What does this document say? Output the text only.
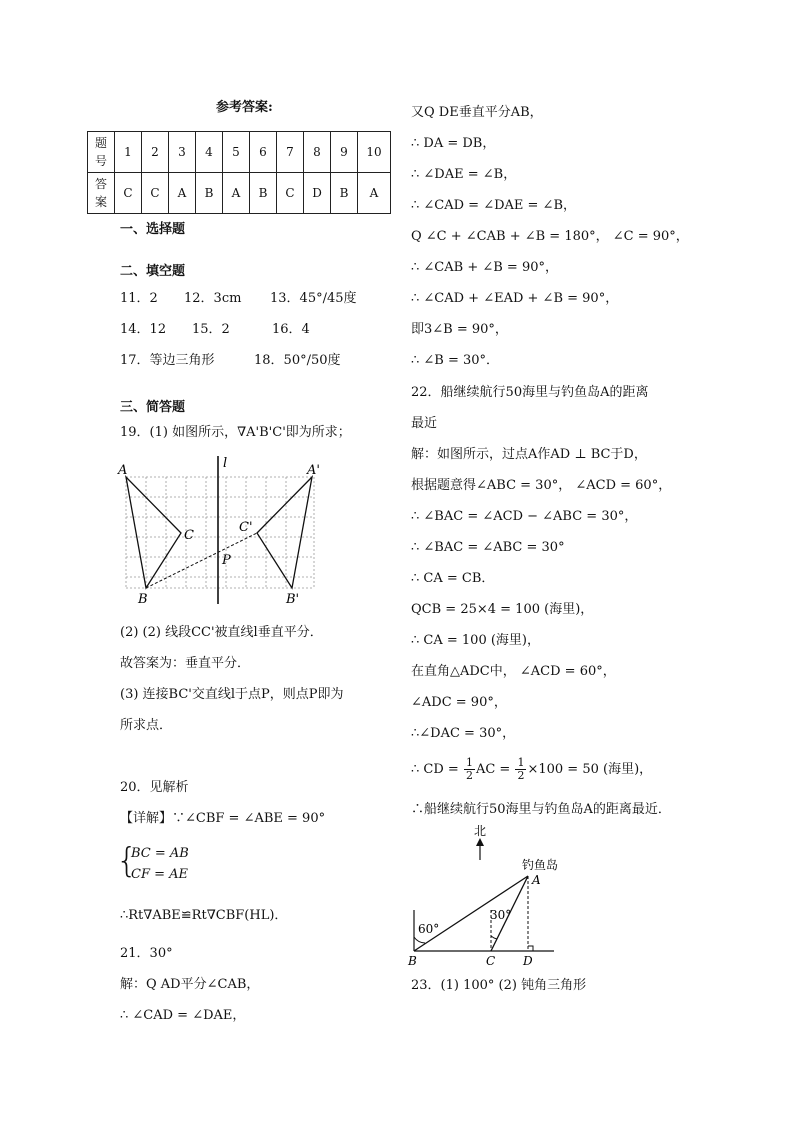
参考答案:
题
号	1	2	3	4	5	6	7	8	9	10
答
案	C	C	A	B	A	B	C	D	B	A
一、选择题
二、填空题
11．2 12．3cm 13．45°/45度
14．12 15．2	16．4
17．等边三角形	18．50°/50度
三、简答题
19．(1) 如图所示，∇A'B'C'即为所求；
A
C
B
l	A'
C'
B'
P
(2) (2) 线段CC'被直线l垂直平分．
故答案为：垂直平分．
(3) 连接BC'交直线l于点P，则点P即为
所求点．
20．见解析
【详解】∵∠CBF = ∠ABE = 90°
{
BC = AB
CF = AE
∴Rt∇ABE≌Rt∇CBF(HL)．
21．30°
解：Q AD平分∠CAB，
∴ ∠CAD = ∠DAE，
又Q DE垂直平分AB，
∴ DA = DB，
∴ ∠DAE = ∠B，
∴ ∠CAD = ∠DAE = ∠B，
Q ∠C + ∠CAB + ∠B = 180°， ∠C = 90°，
∴ ∠CAB + ∠B = 90°，
∴ ∠CAD + ∠EAD + ∠B = 90°，
即3∠B = 90°，
∴ ∠B = 30°．
22．船继续航行50海里与钓鱼岛A的距离
最近
解：如图所示，过点A作AD ⊥ BC于D，
根据题意得∠ABC = 30°， ∠ACD = 60°，
∴ ∠BAC = ∠ACD − ∠ABC = 30°，
∴ ∠BAC = ∠ABC = 30°
∴ CA = CB．
QCB = 25×4 = 100 (海里)，
∴ CA = 100 (海里)，
在直角△ADC中， ∠ACD = 60°，
∠ADC = 90°，
∴∠DAC = 30°，
∴ CD = $\frac{1}{2}$ AC = $\frac{1}{2} \times 100 = 50$ (海里)，
∴船继续航行50海里与钓鱼岛A的距离最近．
北
钓鱼岛
60°
30°
A
B	C D
23．(1) 100° (2) 钝角三角形
